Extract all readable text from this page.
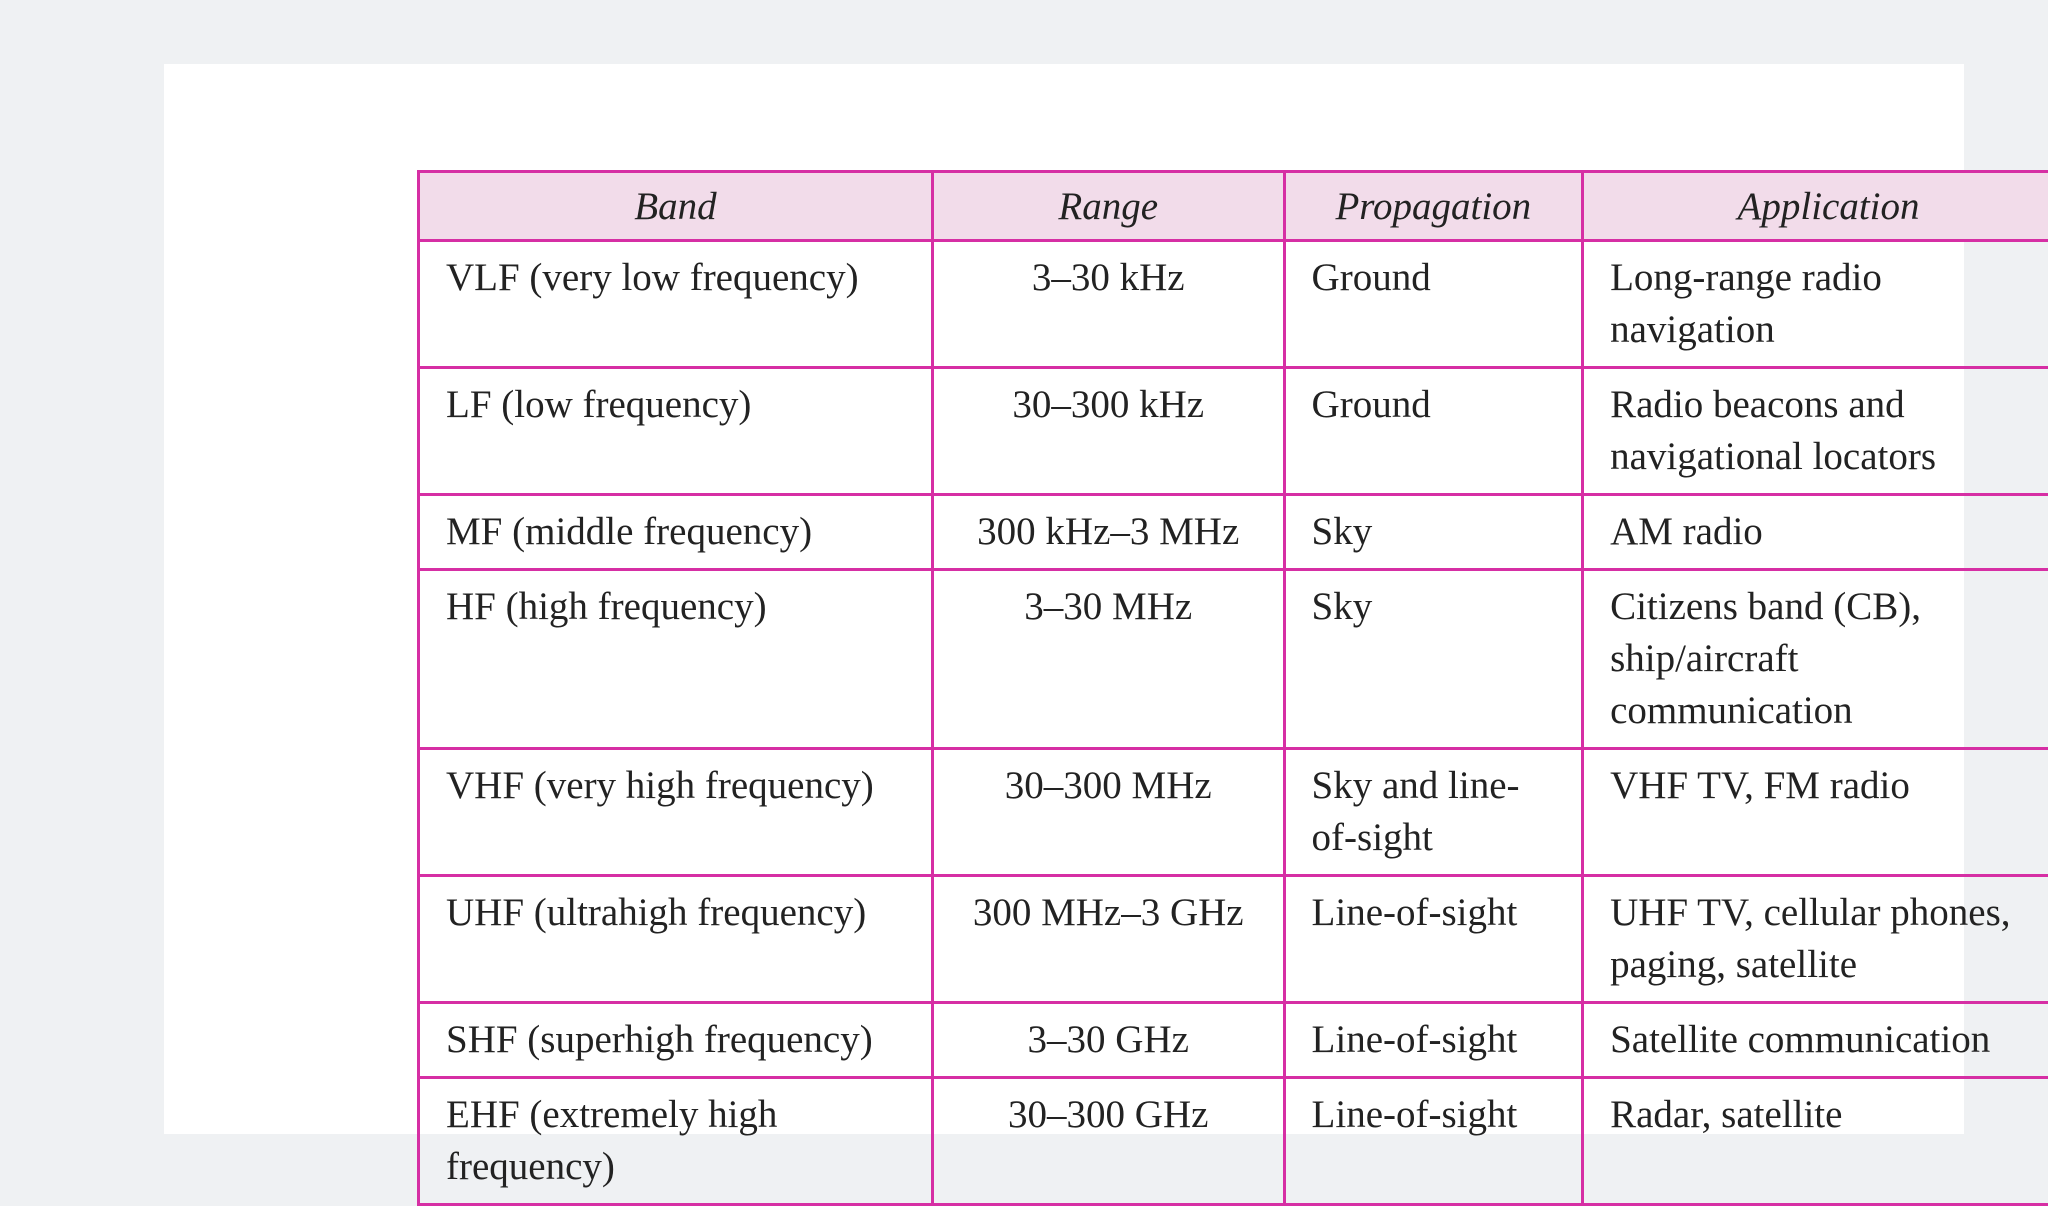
Band	Range	Propagation	Application
VLF (very low frequency)	3–30 kHz	Ground	Long-range radio navigation
LF (low frequency)	30–300 kHz	Ground	Radio beacons and navigational locators
MF (middle frequency)	300 kHz–3 MHz	Sky	AM radio
HF (high frequency)	3–30 MHz	Sky	Citizens band (CB), ship/aircraft communication
VHF (very high frequency)	30–300 MHz	Sky and line-of-sight	VHF TV, FM radio
UHF (ultrahigh frequency)	300 MHz–3 GHz	Line-of-sight	UHF TV, cellular phones, paging, satellite
SHF (superhigh frequency)	3–30 GHz	Line-of-sight	Satellite communication
EHF (extremely high frequency)	30–300 GHz	Line-of-sight	Radar, satellite
